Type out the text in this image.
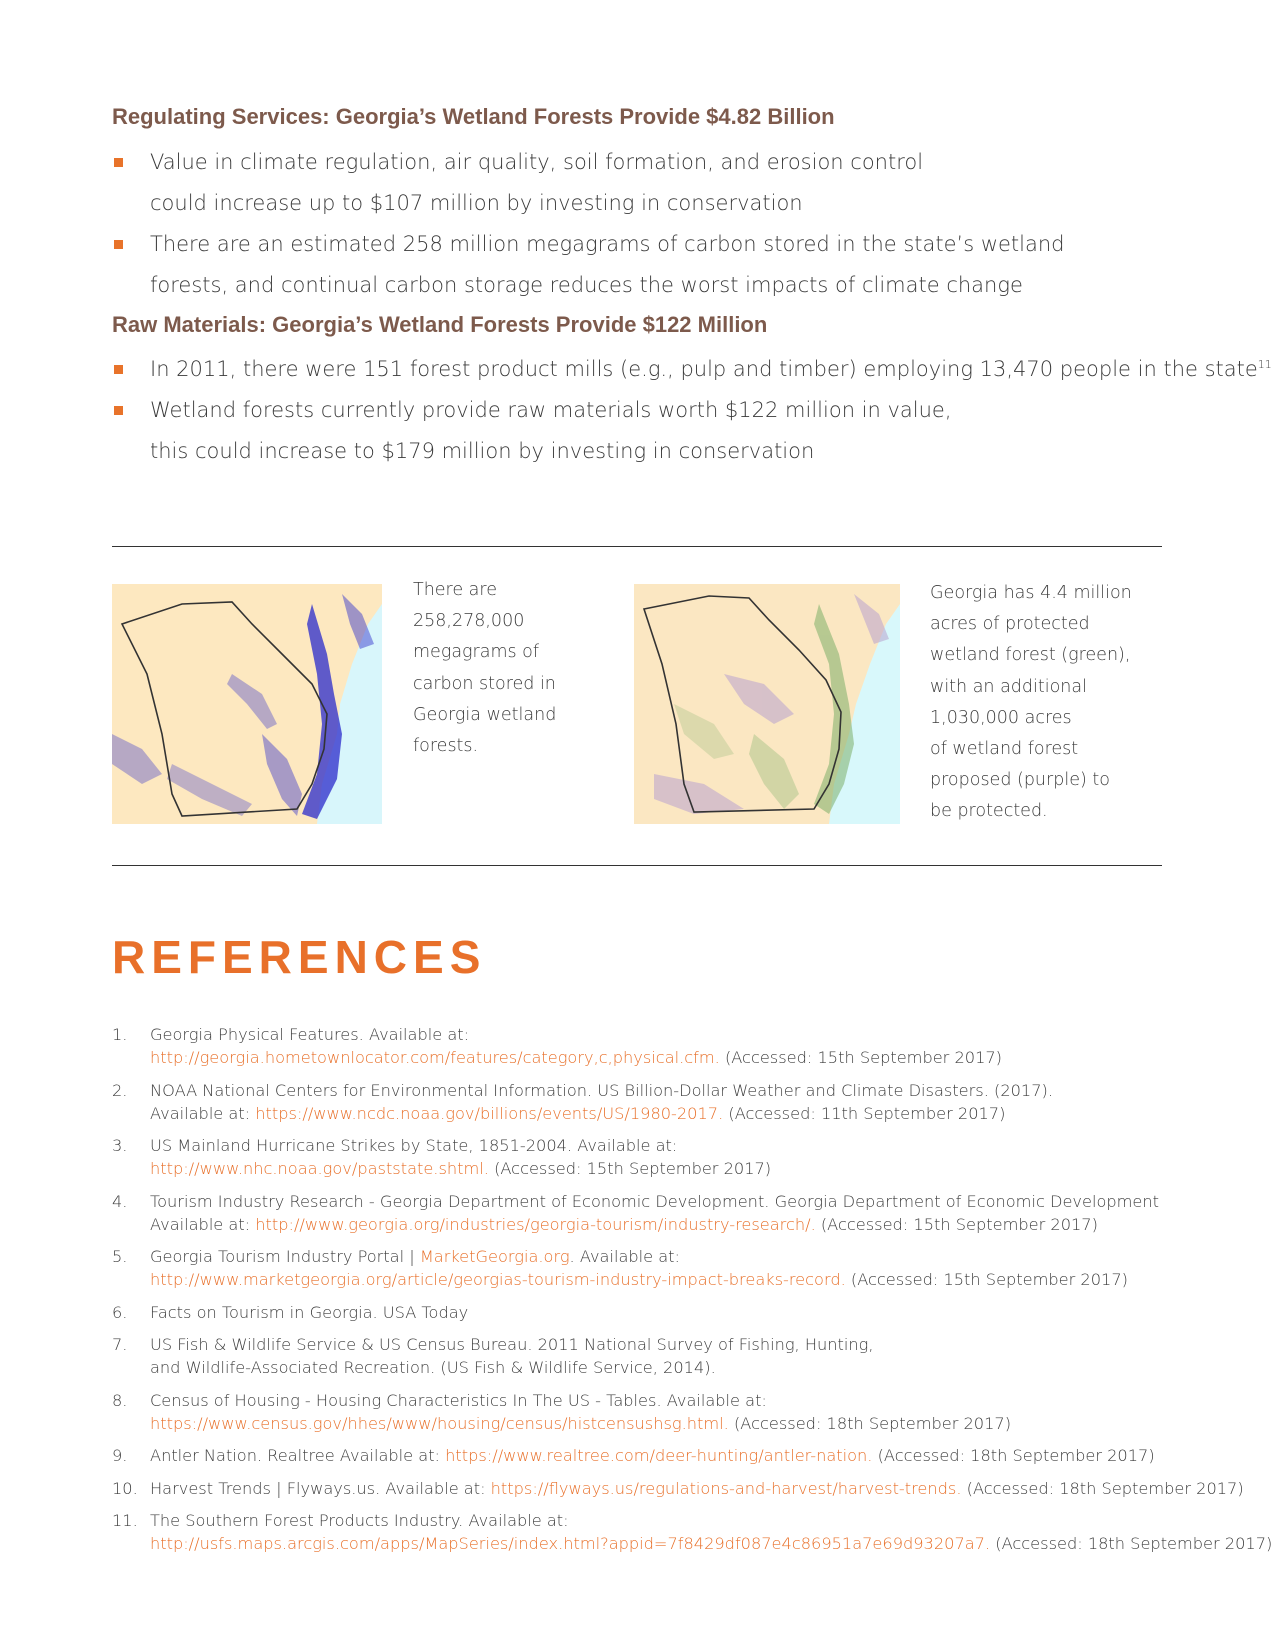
Regulating Services: Georgia’s Wetland Forests Provide $4.82 Billion
Value in climate regulation, air quality, soil formation, and erosion control
could increase up to $107 million by investing in conservation
There are an estimated 258 million megagrams of carbon stored in the state’s wetland
forests, and continual carbon storage reduces the worst impacts of climate change
Raw Materials: Georgia’s Wetland Forests Provide $122 Million
In 2011, there were 151 forest product mills (e.g., pulp and timber) employing 13,470 people in the state$^{11}$
Wetland forests currently provide raw materials worth $122 million in value,
this could increase to $179 million by investing in conservation
There are
258,278,000
megagrams of
carbon stored in
Georgia wetland
forests.
Georgia has 4.4 million
acres of protected
wetland forest (green),
with an additional
1,030,000 acres
of wetland forest
proposed (purple) to
be protected.
REFERENCES
1. Georgia Physical Features. Available at:
http://georgia.hometownlocator.com/features/category,c,physical.cfm. (Accessed: 15th September 2017)
2. NOAA National Centers for Environmental Information. US Billion-Dollar Weather and Climate Disasters. (2017).
Available at: https://www.ncdc.noaa.gov/billions/events/US/1980-2017. (Accessed: 11th September 2017)
3. US Mainland Hurricane Strikes by State, 1851-2004. Available at:
http://www.nhc.noaa.gov/paststate.shtml. (Accessed: 15th September 2017)
4. Tourism Industry Research - Georgia Department of Economic Development. Georgia Department of Economic Development
Available at: http://www.georgia.org/industries/georgia-tourism/industry-research/. (Accessed: 15th September 2017)
5. Georgia Tourism Industry Portal | MarketGeorgia.org. Available at:
http://www.marketgeorgia.org/article/georgias-tourism-industry-impact-breaks-record. (Accessed: 15th September 2017)
6. Facts on Tourism in Georgia. USA Today
7. US Fish & Wildlife Service & US Census Bureau. 2011 National Survey of Fishing, Hunting,
and Wildlife-Associated Recreation. (US Fish & Wildlife Service, 2014).
8. Census of Housing - Housing Characteristics In The US - Tables. Available at:
https://www.census.gov/hhes/www/housing/census/histcensushsg.html. (Accessed: 18th September 2017)
9. Antler Nation. Realtree Available at: https://www.realtree.com/deer-hunting/antler-nation. (Accessed: 18th September 2017)
10. Harvest Trends | Flyways.us. Available at: https://flyways.us/regulations-and-harvest/harvest-trends. (Accessed: 18th September 2017)
11. The Southern Forest Products Industry. Available at:
http://usfs.maps.arcgis.com/apps/MapSeries/index.html?appid=7f8429df087e4c86951a7e69d93207a7. (Accessed: 18th September 2017)
